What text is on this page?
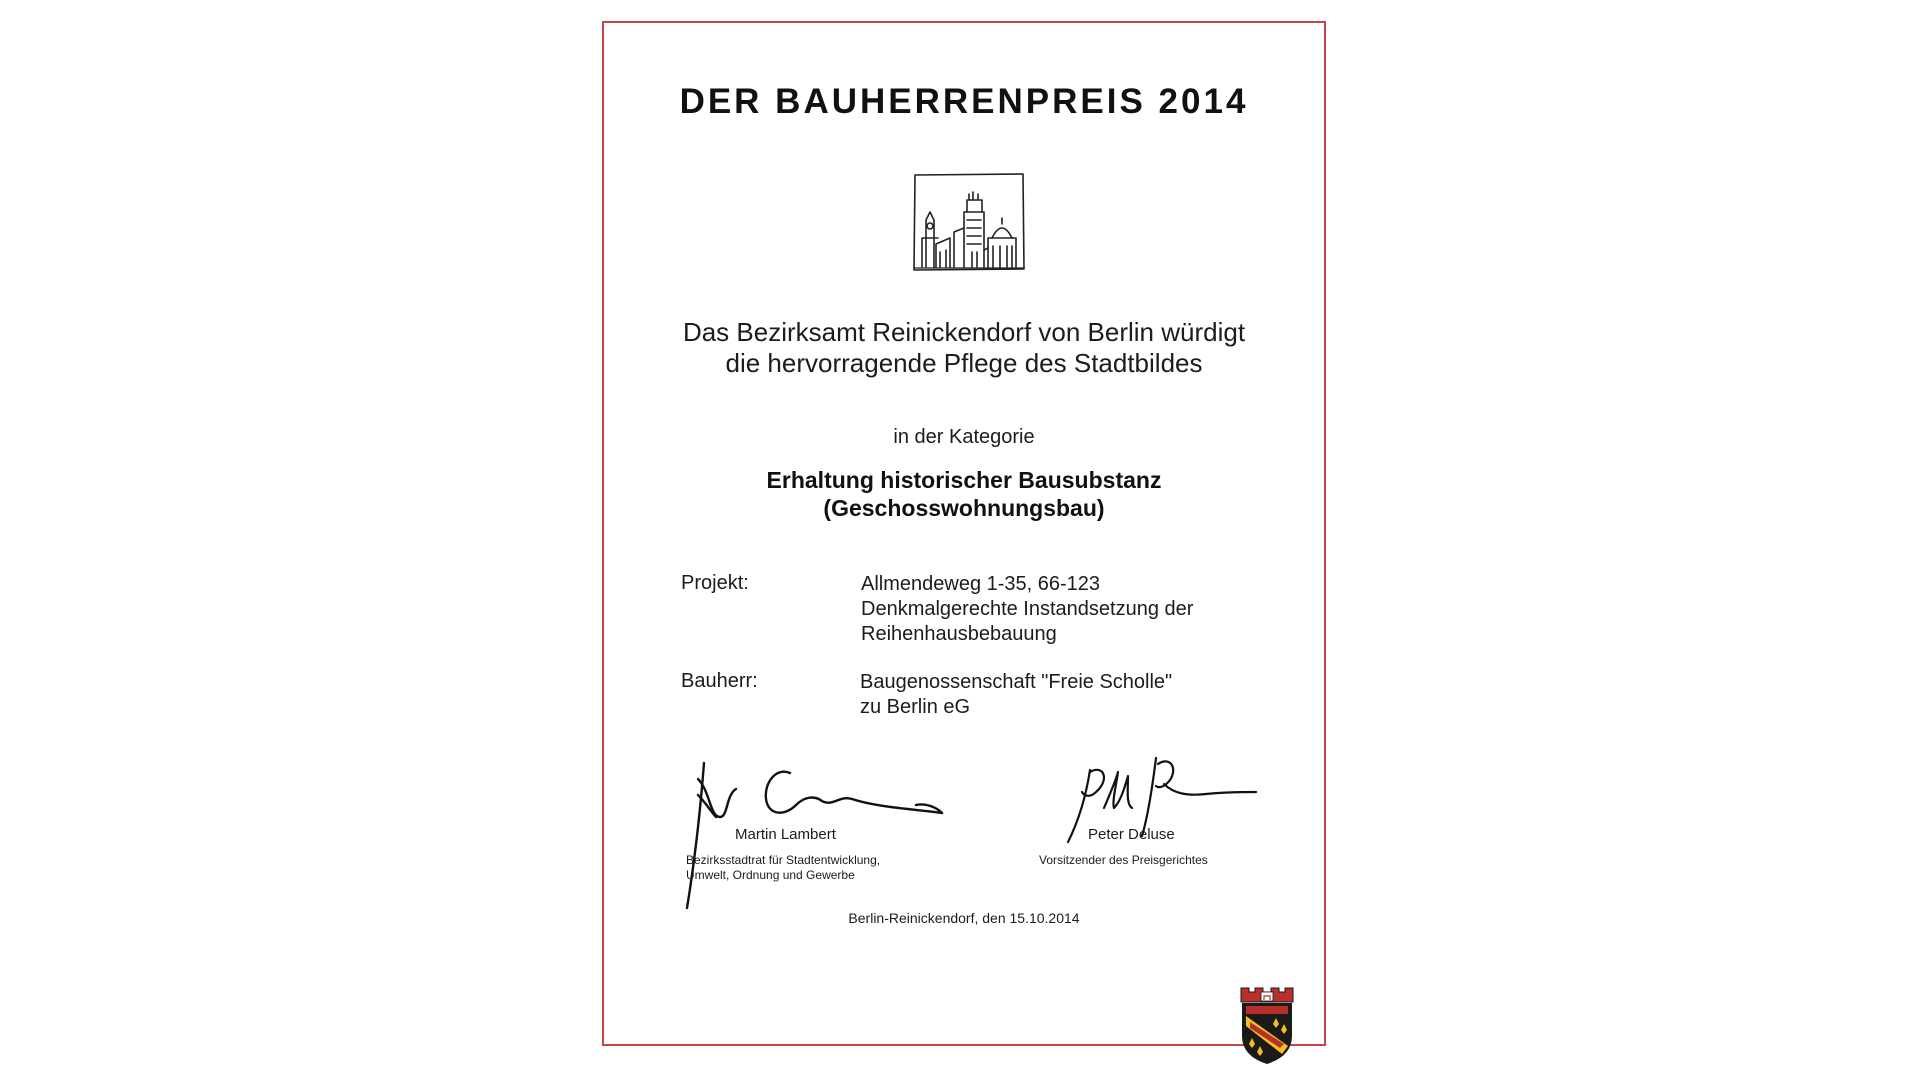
DER BAUHERRENPREIS 2014
Das Bezirksamt Reinickendorf von Berlin würdigt
die hervorragende Pflege des Stadtbildes
in der Kategorie
Erhaltung historischer Bausubstanz
(Geschosswohnungsbau)
Projekt:	Allmendeweg 1-35, 66-123
Denkmalgerechte Instandsetzung der
Reihenhausbebauung
Bauherr:	Baugenossenschaft "Freie Scholle"
zu Berlin eG
Martin Lambert
Bezirksstadtrat für Stadtentwicklung,
Umwelt, Ordnung und Gewerbe
Peter Deluse
Vorsitzender des Preisgerichtes
Berlin-Reinickendorf, den 15.10.2014
